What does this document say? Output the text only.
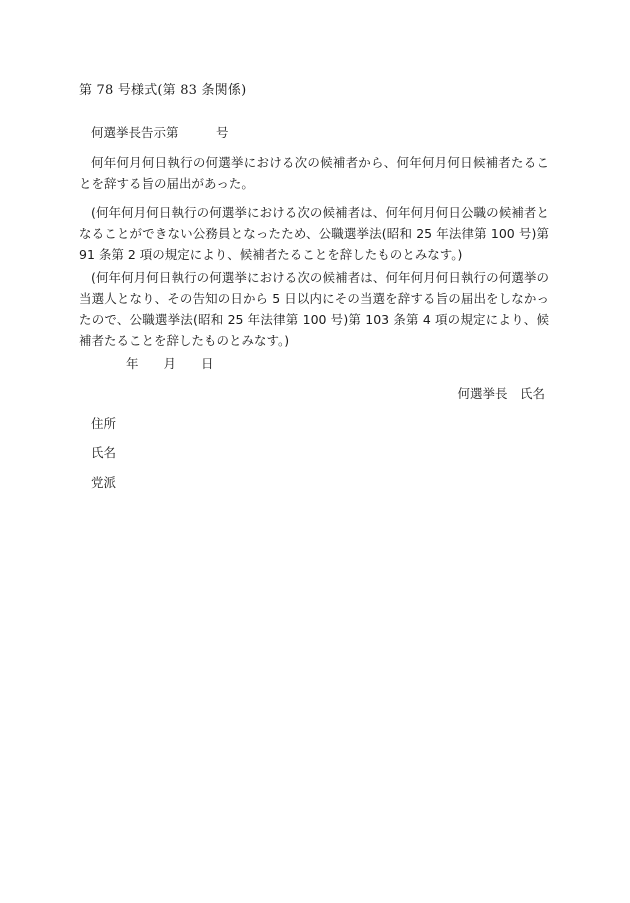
第 78 号様式(第 83 条関係)
何選挙長告示第　　　号
何年何月何日執行の何選挙における次の候補者から、何年何月何日候補者たることを辞する旨の届出があった。
(何年何月何日執行の何選挙における次の候補者は、何年何月何日公職の候補者となることができない公務員となったため、公職選挙法(昭和 25 年法律第 100 号)第 91 条第 2 項の規定により、候補者たることを辞したものとみなす。)
(何年何月何日執行の何選挙における次の候補者は、何年何月何日執行の何選挙の当選人となり、その告知の日から 5 日以内にその当選を辞する旨の届出をしなかったので、公職選挙法(昭和 25 年法律第 100 号)第 103 条第 4 項の規定により、候補者たることを辞したものとみなす。)
年　　月　　日
何選挙長　氏名
住所
氏名
党派
